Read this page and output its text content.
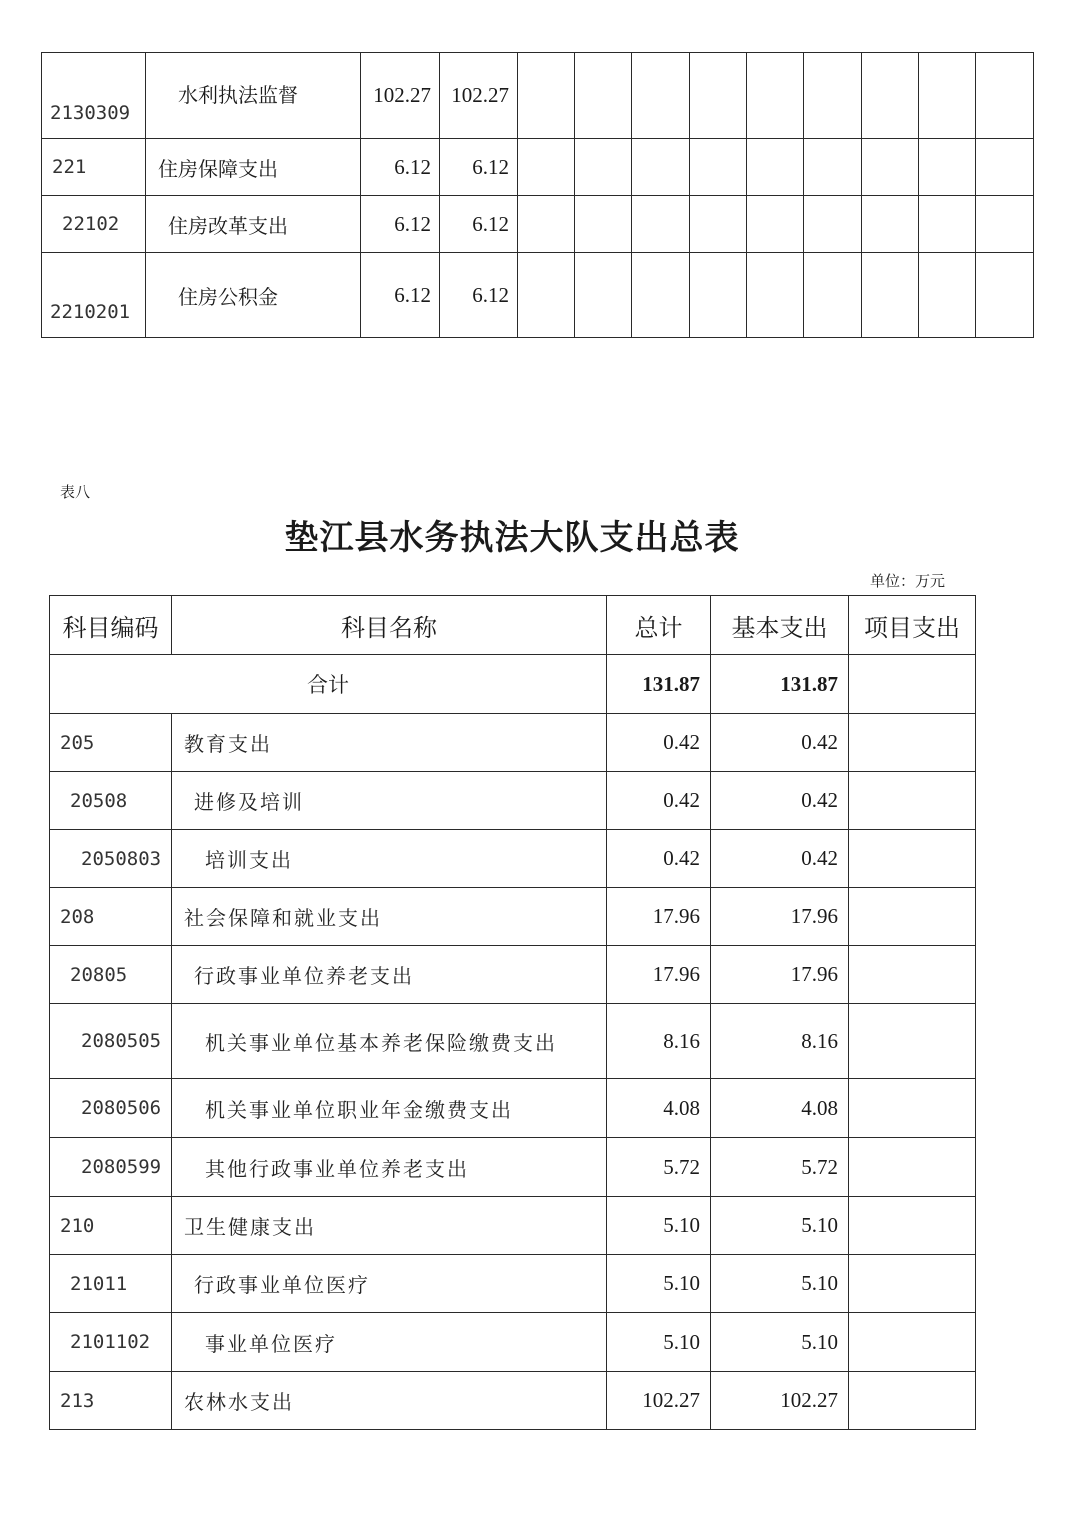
2130309	水利执法监督	102.27	102.27									
221	住房保障支出	6.12	6.12									
22102	住房改革支出	6.12	6.12									
2210201	住房公积金	6.12	6.12									
表八
垫江县水务执法大队支出总表
单位：万元
科目编码	科目名称	总计	基本支出	项目支出
合计		131.87	131.87	
205	教育支出	0.42	0.42	
20508	进修及培训	0.42	0.42	
2050803	培训支出	0.42	0.42	
208	社会保障和就业支出	17.96	17.96	
20805	行政事业单位养老支出	17.96	17.96	
2080505	机关事业单位基本养老保险缴费支出	8.16	8.16	
2080506	机关事业单位职业年金缴费支出	4.08	4.08	
2080599	其他行政事业单位养老支出	5.72	5.72	
210	卫生健康支出	5.10	5.10	
21011	行政事业单位医疗	5.10	5.10	
2101102	事业单位医疗	5.10	5.10	
213	农林水支出	102.27	102.27	
